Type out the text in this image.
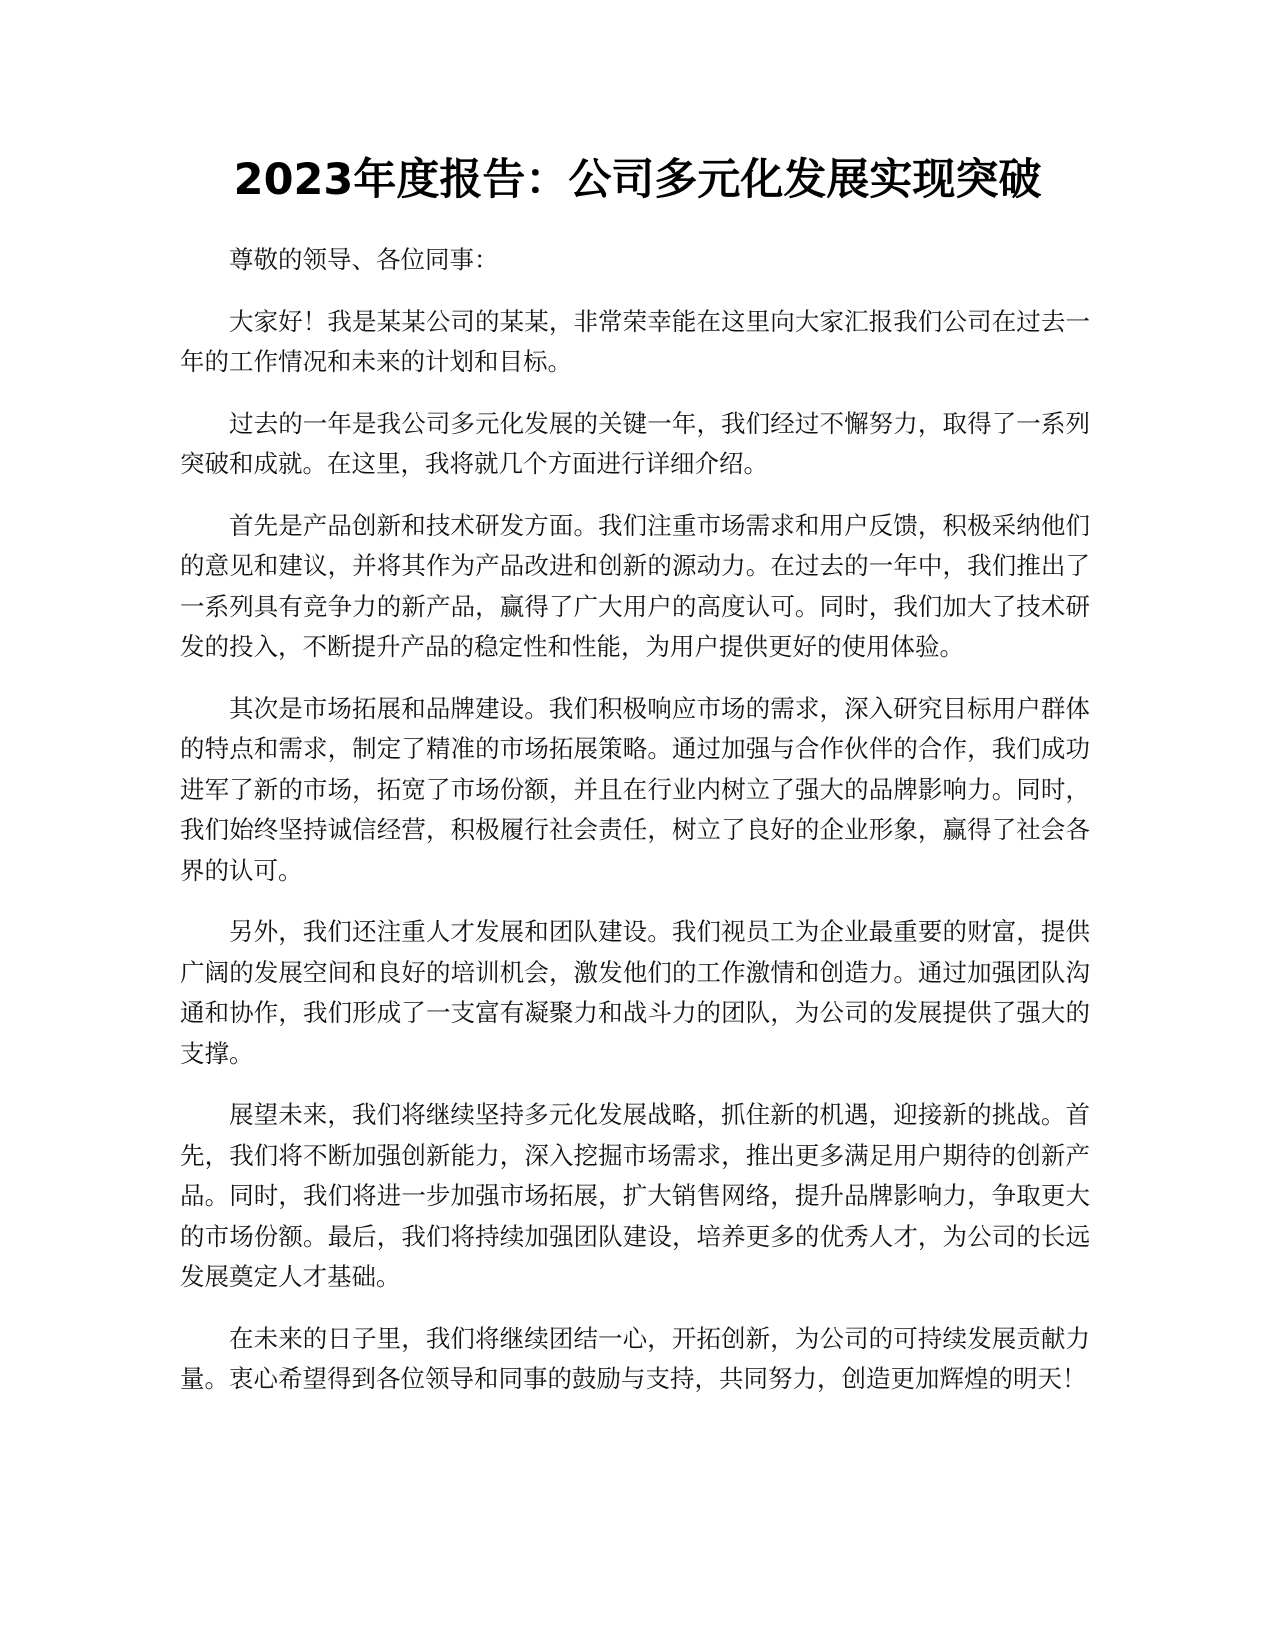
2023年度报告：公司多元化发展实现突破

尊敬的领导、各位同事：

大家好！我是某某公司的某某，非常荣幸能在这里向大家汇报我们公司在过去一年的工作情况和未来的计划和目标。

过去的一年是我公司多元化发展的关键一年，我们经过不懈努力，取得了一系列突破和成就。在这里，我将就几个方面进行详细介绍。

首先是产品创新和技术研发方面。我们注重市场需求和用户反馈，积极采纳他们的意见和建议，并将其作为产品改进和创新的源动力。在过去的一年中，我们推出了一系列具有竞争力的新产品，赢得了广大用户的高度认可。同时，我们加大了技术研发的投入，不断提升产品的稳定性和性能，为用户提供更好的使用体验。

其次是市场拓展和品牌建设。我们积极响应市场的需求，深入研究目标用户群体的特点和需求，制定了精准的市场拓展策略。通过加强与合作伙伴的合作，我们成功进军了新的市场，拓宽了市场份额，并且在行业内树立了强大的品牌影响力。同时，我们始终坚持诚信经营，积极履行社会责任，树立了良好的企业形象，赢得了社会各界的认可。

另外，我们还注重人才发展和团队建设。我们视员工为企业最重要的财富，提供广阔的发展空间和良好的培训机会，激发他们的工作激情和创造力。通过加强团队沟通和协作，我们形成了一支富有凝聚力和战斗力的团队，为公司的发展提供了强大的支撑。

展望未来，我们将继续坚持多元化发展战略，抓住新的机遇，迎接新的挑战。首先，我们将不断加强创新能力，深入挖掘市场需求，推出更多满足用户期待的创新产品。同时，我们将进一步加强市场拓展，扩大销售网络，提升品牌影响力，争取更大的市场份额。最后，我们将持续加强团队建设，培养更多的优秀人才，为公司的长远发展奠定人才基础。

在未来的日子里，我们将继续团结一心，开拓创新，为公司的可持续发展贡献力量。衷心希望得到各位领导和同事的鼓励与支持，共同努力，创造更加辉煌的明天！
